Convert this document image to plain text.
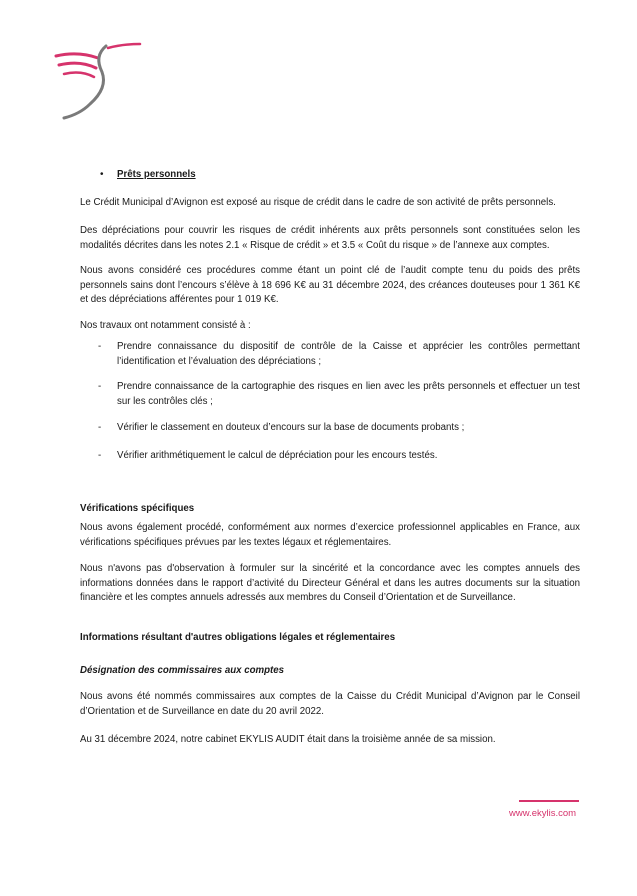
• Prêts personnels
Le Crédit Municipal d’Avignon est exposé au risque de crédit dans le cadre de son activité de prêts personnels.
Des dépréciations pour couvrir les risques de crédit inhérents aux prêts personnels sont constituées selon les modalités décrites dans les notes 2.1 « Risque de crédit » et 3.5 « Coût du risque » de l’annexe aux comptes.
Nous avons considéré ces procédures comme étant un point clé de l’audit compte tenu du poids des prêts personnels sains dont l’encours s’élève à 18 696 K€ au 31 décembre 2024, des créances douteuses pour 1 361 K€ et des dépréciations afférentes pour 1 019 K€.
Nos travaux ont notamment consisté à :
- Prendre connaissance du dispositif de contrôle de la Caisse et apprécier les contrôles permettant l’identification et l’évaluation des dépréciations ;
- Prendre connaissance de la cartographie des risques en lien avec les prêts personnels et effectuer un test sur les contrôles clés ;
- Vérifier le classement en douteux d’encours sur la base de documents probants ;
- Vérifier arithmétiquement le calcul de dépréciation pour les encours testés.
Vérifications spécifiques
Nous avons également procédé, conformément aux normes d’exercice professionnel applicables en France, aux vérifications spécifiques prévues par les textes légaux et réglementaires.
Nous n'avons pas d'observation à formuler sur la sincérité et la concordance avec les comptes annuels des informations données dans le rapport d’activité du Directeur Général et dans les autres documents sur la situation financière et les comptes annuels adressés aux membres du Conseil d’Orientation et de Surveillance.
Informations résultant d'autres obligations légales et réglementaires
Désignation des commissaires aux comptes
Nous avons été nommés commissaires aux comptes de la Caisse du Crédit Municipal d’Avignon par le Conseil d’Orientation et de Surveillance en date du 20 avril 2022.
Au 31 décembre 2024, notre cabinet EKYLIS AUDIT était dans la troisième année de sa mission.
www.ekylis.com
